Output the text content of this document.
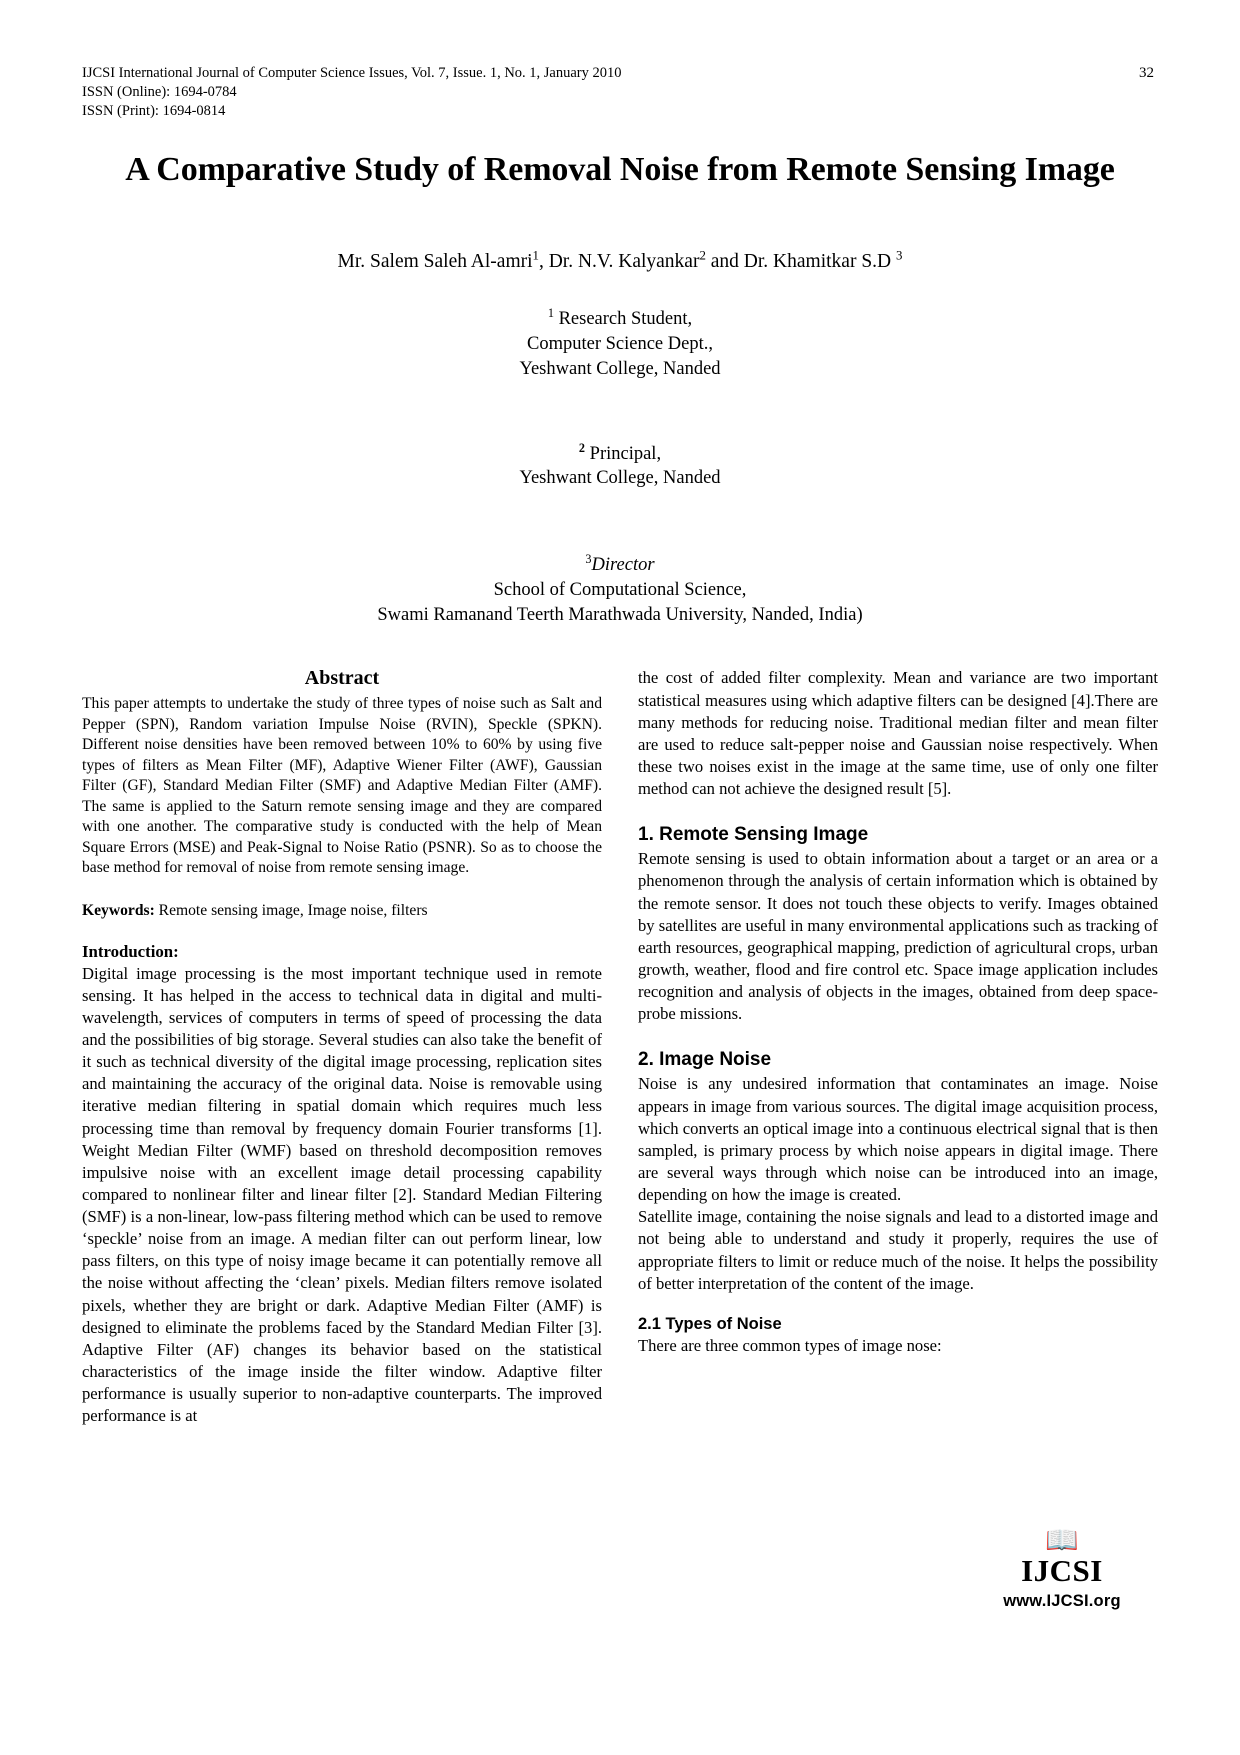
IJCSI International Journal of Computer Science Issues, Vol. 7, Issue. 1, No. 1, January 2010
ISSN (Online): 1694-0784
ISSN (Print): 1694-0814
32
A Comparative Study of Removal Noise from Remote Sensing Image
Mr. Salem Saleh Al-amri$^1$, Dr. N.V. Kalyankar$^2$ and Dr. Khamitkar S.D $^3$
$^1$ Research Student,
Computer Science Dept.,
Yeshwant College, Nanded
$^2$ Principal,
Yeshwant College, Nanded
$^3$Director
School of Computational Science,
Swami Ramanand Teerth Marathwada University, Nanded, India)
Abstract

This paper attempts to undertake the study of three types of noise such as Salt and Pepper (SPN), Random variation Impulse Noise (RVIN), Speckle (SPKN). Different noise densities have been removed between 10% to 60% by using five types of filters as Mean Filter (MF), Adaptive Wiener Filter (AWF), Gaussian Filter (GF), Standard Median Filter (SMF) and Adaptive Median Filter (AMF). The same is applied to the Saturn remote sensing image and they are compared with one another. The comparative study is conducted with the help of Mean Square Errors (MSE) and Peak-Signal to Noise Ratio (PSNR). So as to choose the base method for removal of noise from remote sensing image.

Keywords: Remote sensing image, Image noise, filters
Introduction:

Digital image processing is the most important technique used in remote sensing. It has helped in the access to technical data in digital and multi-wavelength, services of computers in terms of speed of processing the data and the possibilities of big storage. Several studies can also take the benefit of it such as technical diversity of the digital image processing, replication sites and maintaining the accuracy of the original data. Noise is removable using iterative median filtering in spatial domain which requires much less processing time than removal by frequency domain Fourier transforms [1]. Weight Median Filter (WMF) based on threshold decomposition removes impulsive noise with an excellent image detail processing capability compared to nonlinear filter and linear filter [2]. Standard Median Filtering (SMF) is a non-linear, low-pass filtering method which can be used to remove ‘speckle’ noise from an image. A median filter can out perform linear, low pass filters, on this type of noisy image became it can potentially remove all the noise without affecting the ‘clean’ pixels. Median filters remove isolated pixels, whether they are bright or dark. Adaptive Median Filter (AMF) is designed to eliminate the problems faced by the Standard Median Filter [3]. Adaptive Filter (AF) changes its behavior based on the statistical characteristics of the image inside the filter window. Adaptive filter performance is usually superior to non-adaptive counterparts. The improved performance is at

the cost of added filter complexity. Mean and variance are two important statistical measures using which adaptive filters can be designed [4].There are many methods for reducing noise. Traditional median filter and mean filter are used to reduce salt-pepper noise and Gaussian noise respectively. When these two noises exist in the image at the same time, use of only one filter method can not achieve the designed result [5].

1. Remote Sensing Image

Remote sensing is used to obtain information about a target or an area or a phenomenon through the analysis of certain information which is obtained by the remote sensor. It does not touch these objects to verify. Images obtained by satellites are useful in many environmental applications such as tracking of earth resources, geographical mapping, prediction of agricultural crops, urban growth, weather, flood and fire control etc. Space image application includes recognition and analysis of objects in the images, obtained from deep space-probe missions.

2. Image Noise

Noise is any undesired information that contaminates an image. Noise appears in image from various sources. The digital image acquisition process, which converts an optical image into a continuous electrical signal that is then sampled, is primary process by which noise appears in digital image. There are several ways through which noise can be introduced into an image, depending on how the image is created.

Satellite image, containing the noise signals and lead to a distorted image and not being able to understand and study it properly, requires the use of appropriate filters to limit or reduce much of the noise. It helps the possibility of better interpretation of the content of the image.

2.1 Types of Noise

There are three common types of image nose:

📖
IJCSI
www.IJCSI.org
